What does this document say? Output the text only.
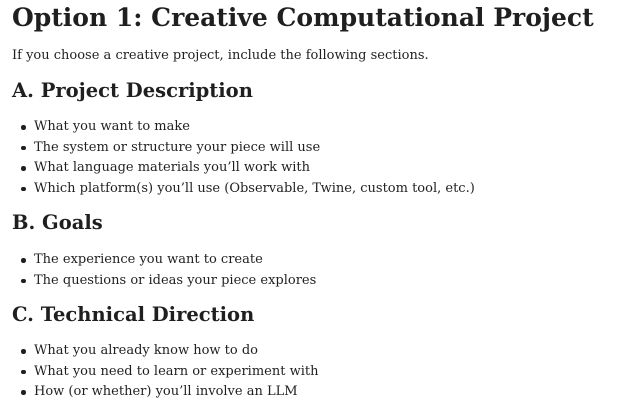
Option 1: Creative Computational Project

If you choose a creative project, include the following sections.

A. Project Description
What you want to make
The system or structure your piece will use
What language materials you’ll work with
Which platform(s) you’ll use (Observable, Twine, custom tool, etc.)
B. Goals
The experience you want to create
The questions or ideas your piece explores
C. Technical Direction
What you already know how to do
What you need to learn or experiment with
How (or whether) you’ll involve an LLM
